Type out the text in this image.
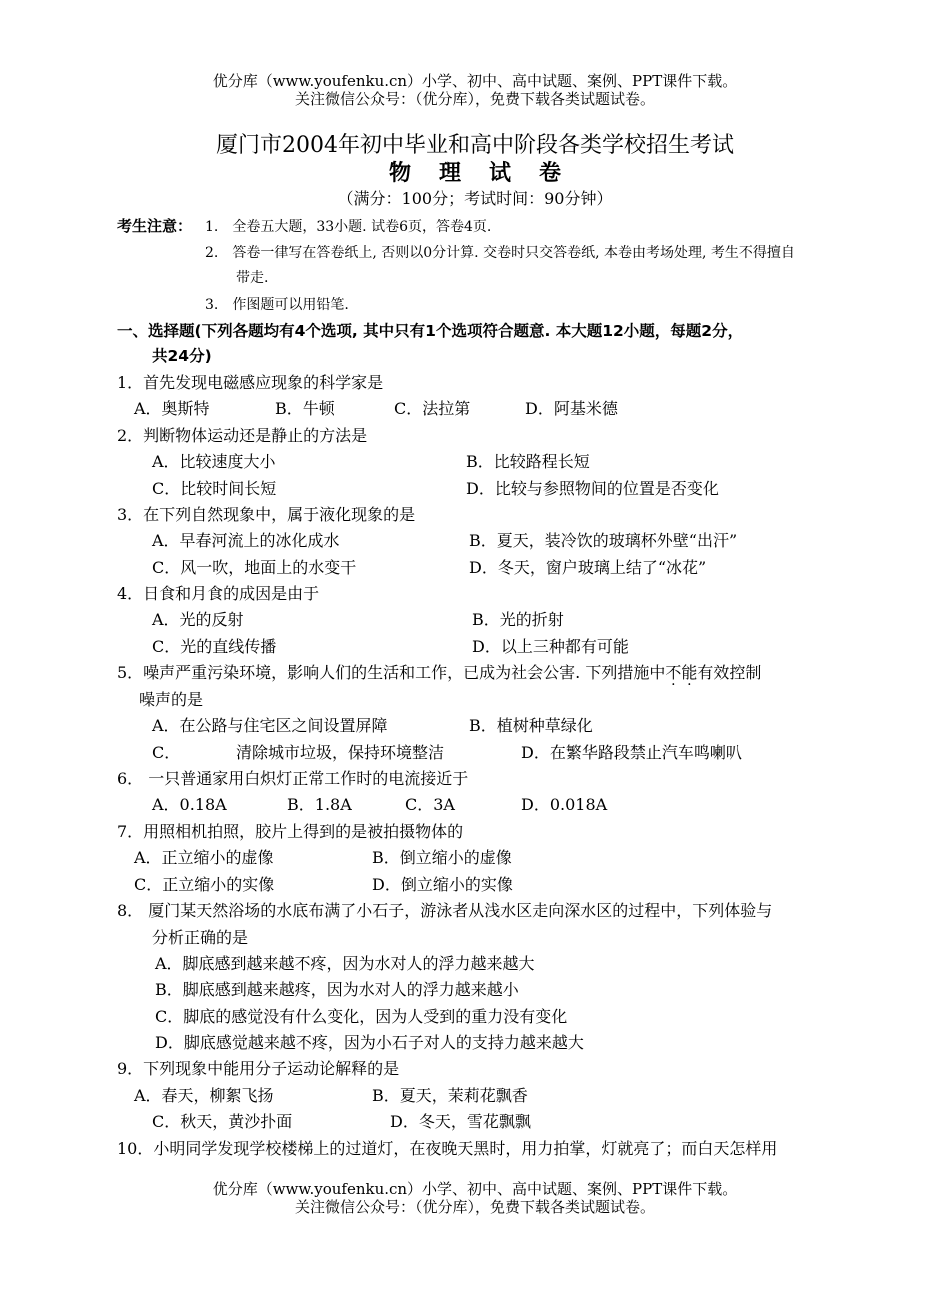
优分库（www.youfenku.cn）小学、初中、高中试题、案例、PPT课件下载。
关注微信公众号：（优分库），免费下载各类试题试卷。
厦门市2004年初中毕业和高中阶段各类学校招生考试
物理试卷
（满分：100分；考试时间：90分钟）
考生注意： 1.　全卷五大题，33小题. 试卷6页，答卷4页.
2.　答卷一律写在答卷纸上, 否则以0分计算. 交卷时只交答卷纸, 本卷由考场处理, 考生不得擅自
带走.
3.　作图题可以用铅笔.
一、选择题(下列各题均有4个选项, 其中只有1个选项符合题意. 本大题12小题，每题2分，
共24分)
1．首先发现电磁感应现象的科学家是
A．奥斯特	B．牛顿	C．法拉第	D．阿基米德
2．判断物体运动还是静止的方法是
A．比较速度大小	B．比较路程长短
C．比较时间长短	D．比较与参照物间的位置是否变化
3．在下列自然现象中，属于液化现象的是
A．早春河流上的冰化成水	B．夏天，装冷饮的玻璃杯外壁“出汗”
C．风一吹，地面上的水变干	D．冬天，窗户玻璃上结了“冰花”
4．日食和月食的成因是由于
A．光的反射	B．光的折射
C．光的直线传播	D．以上三种都有可能
5．噪声严重污染环境，影响人们的生活和工作，已成为社会公害. 下列措施中不能有效控制
噪声的是
A．在公路与住宅区之间设置屏障	B．植树种草绿化
C．	清除城市垃圾，保持环境整洁	D．在繁华路段禁止汽车鸣喇叭
6． 一只普通家用白炽灯正常工作时的电流接近于
A．0.18A	B．1.8A	C．3A	D．0.018A
7．用照相机拍照，胶片上得到的是被拍摄物体的
A．正立缩小的虚像	B．倒立缩小的虚像
C．正立缩小的实像	D．倒立缩小的实像
8． 厦门某天然浴场的水底布满了小石子，游泳者从浅水区走向深水区的过程中，下列体验与
分析正确的是
A．脚底感到越来越不疼，因为水对人的浮力越来越大
B．脚底感到越来越疼，因为水对人的浮力越来越小
C．脚底的感觉没有什么变化，因为人受到的重力没有变化
D．脚底感觉越来越不疼，因为小石子对人的支持力越来越大
9．下列现象中能用分子运动论解释的是
A．春天，柳絮飞扬	B．夏天，茉莉花飘香
C．秋天，黄沙扑面	D．冬天，雪花飘飘
10．小明同学发现学校楼梯上的过道灯，在夜晚天黑时，用力拍掌，灯就亮了；而白天怎样用
优分库（www.youfenku.cn）小学、初中、高中试题、案例、PPT课件下载。
关注微信公众号：（优分库），免费下载各类试题试卷。
